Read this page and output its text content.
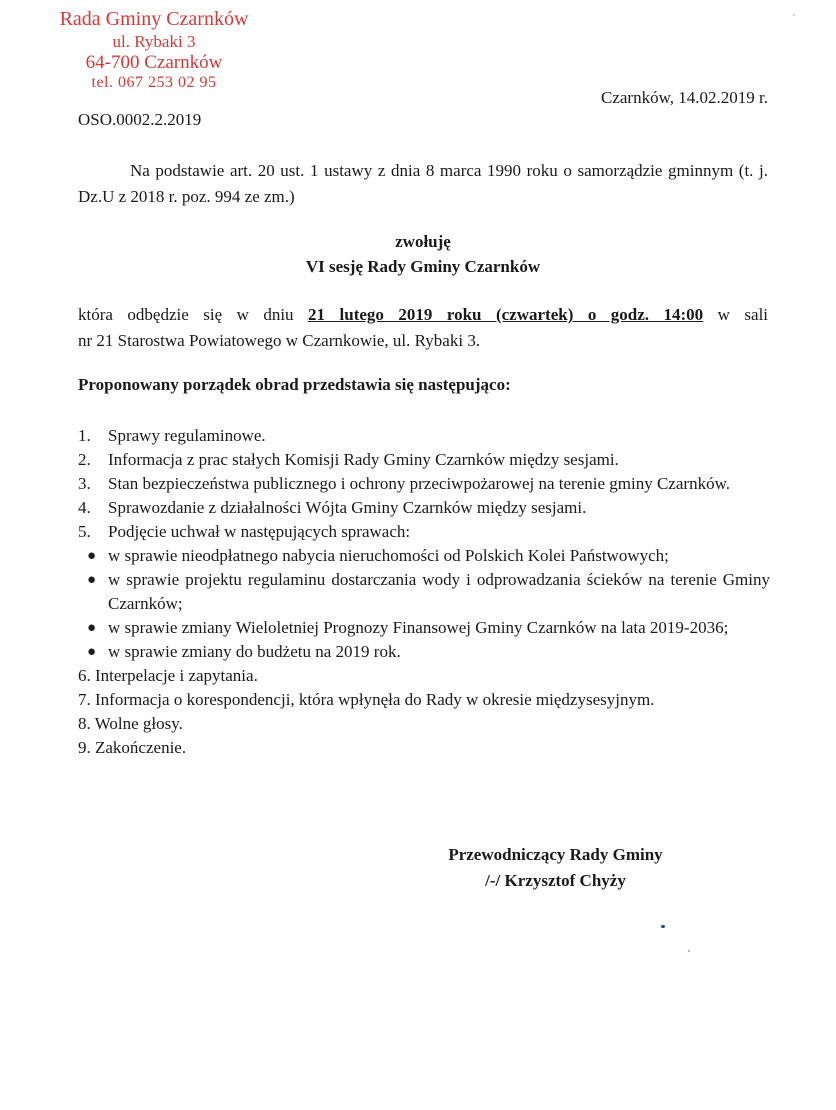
Rada Gminy Czarnków
ul. Rybaki 3
64-700 Czarnków
tel. 067 253 02 95
Czarnków, 14.02.2019 r.
OSO.0002.2.2019
Na podstawie art. 20 ust. 1 ustawy z dnia 8 marca 1990 roku o samorządzie gminnym (t. j. Dz.U z 2018 r. poz. 994 ze zm.)
zwołuję
VI sesję Rady Gminy Czarnków
która odbędzie się w dniu 21 lutego 2019 roku (czwartek) o godz. 14:00 w sali
nr 21 Starostwa Powiatowego w Czarnkowie, ul. Rybaki 3.
Proponowany porządek obrad przedstawia się następująco:
1. Sprawy regulaminowe.
2. Informacja z prac stałych Komisji Rady Gminy Czarnków między sesjami.
3. Stan bezpieczeństwa publicznego i ochrony przeciwpożarowej na terenie gminy Czarnków.
4. Sprawozdanie z działalności Wójta Gminy Czarnków między sesjami.
5. Podjęcie uchwał w następujących sprawach:
● w sprawie nieodpłatnego nabycia nieruchomości od Polskich Kolei Państwowych;
● w sprawie projektu regulaminu dostarczania wody i odprowadzania ścieków na terenie Gminy Czarnków;
● w sprawie zmiany Wieloletniej Prognozy Finansowej Gminy Czarnków na lata 2019-2036;
● w sprawie zmiany do budżetu na 2019 rok.
6. Interpelacje i zapytania.
7. Informacja o korespondencji, która wpłynęła do Rady w okresie międzysesyjnym.
8. Wolne głosy.
9. Zakończenie.
Przewodniczący Rady Gminy
/-/ Krzysztof Chyży
